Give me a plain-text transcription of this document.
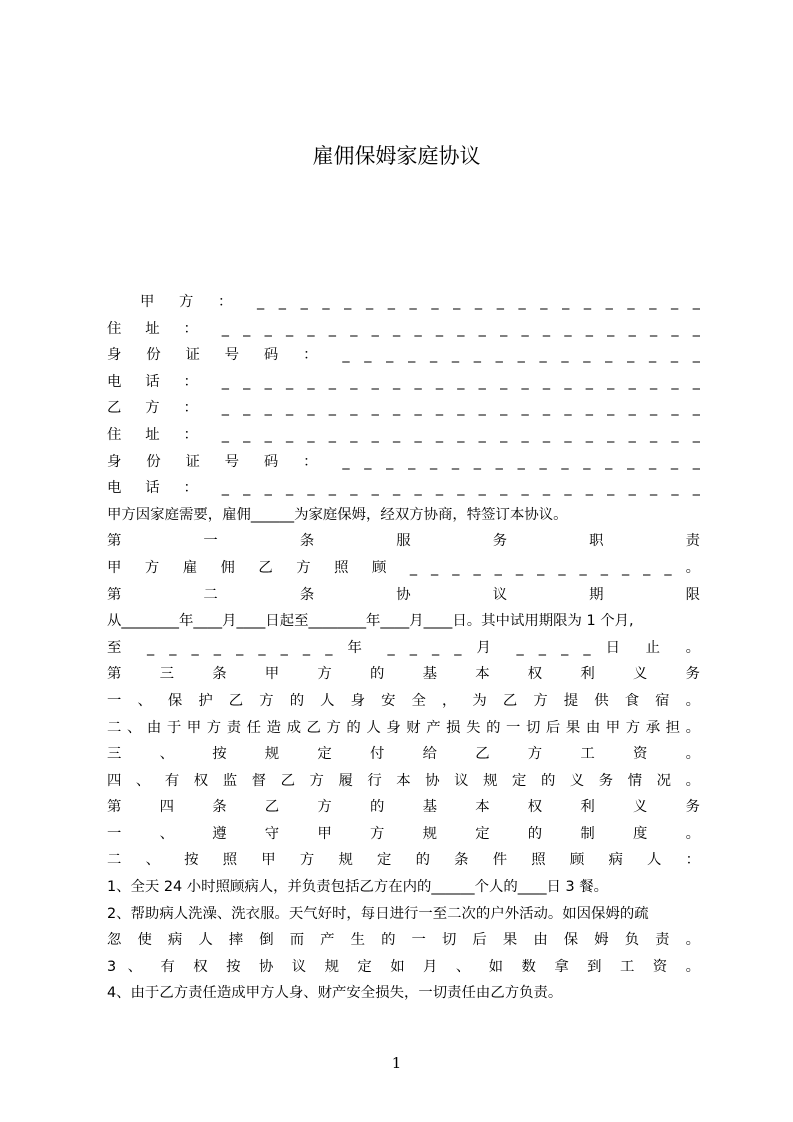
雇佣保姆家庭协议
甲 方 ： _ _ _ _ _ _ _ _ _ _ _ _ _ _ _ _ _ _ _ _ _
住 址 ： _ _ _ _ _ _ _ _ _ _ _ _ _ _ _ _ _ _ _ _ _ _ _
身 份 证 号 码 ： _ _ _ _ _ _ _ _ _ _ _ _ _ _ _ _ _
电 话 ： _ _ _ _ _ _ _ _ _ _ _ _ _ _ _ _ _ _ _ _ _ _ _
乙 方 ： _ _ _ _ _ _ _ _ _ _ _ _ _ _ _ _ _ _ _ _ _ _ _
住 址 ： _ _ _ _ _ _ _ _ _ _ _ _ _ _ _ _ _ _ _ _ _ _ _
身 份 证 号 码 ： _ _ _ _ _ _ _ _ _ _ _ _ _ _ _ _ _
电 话 ： _ _ _ _ _ _ _ _ _ _ _ _ _ _ _ _ _ _ _ _ _ _ _
甲方因家庭需要，雇佣______为家庭保姆，经双方协商，特签订本协议。
第 一 条 服 务 职 责
甲 方 雇 佣 乙 方 照 顾 _ _ _ _ _ _ _ _ _ _ _ _ _ 。
第 二 条 协 议 期 限
从________年____月____日起至________年____月____日。其中试用期限为 1 个月,
至 _ _ _ _ _ _ _ _ _ 年 _ _ _ _ 月 _ _ _ _ 日 止 。
第 三 条 甲 方 的 基 本 权 利 义 务
一 、 保 护 乙 方 的 人 身 安 全 ， 为 乙 方 提 供 食 宿 。
二、由于甲方责任造成乙方的人身财产损失的一切后果由甲方承担。
三 、 按 规 定 付 给 乙 方 工 资 。
四 、 有 权 监 督 乙 方 履 行 本 协 议 规 定 的 义 务 情 况 。
第 四 条 乙 方 的 基 本 权 利 义 务
一 、 遵 守 甲 方 规 定 的 制 度 。
二 、 按 照 甲 方 规 定 的 条 件 照 顾 病 人 ：
1、全天 24 小时照顾病人，并负责包括乙方在内的______个人的____日 3 餐。
2、帮助病人洗澡、洗衣服。天气好时，每日进行一至二次的户外活动。如因保姆的疏
忽 使 病 人 摔 倒 而 产 生 的 一 切 后 果 由 保 姆 负 责 。
3 、 有 权 按 协 议 规 定 如 月 、 如 数 拿 到 工 资 。
4、由于乙方责任造成甲方人身、财产安全损失，一切责任由乙方负责。
1
